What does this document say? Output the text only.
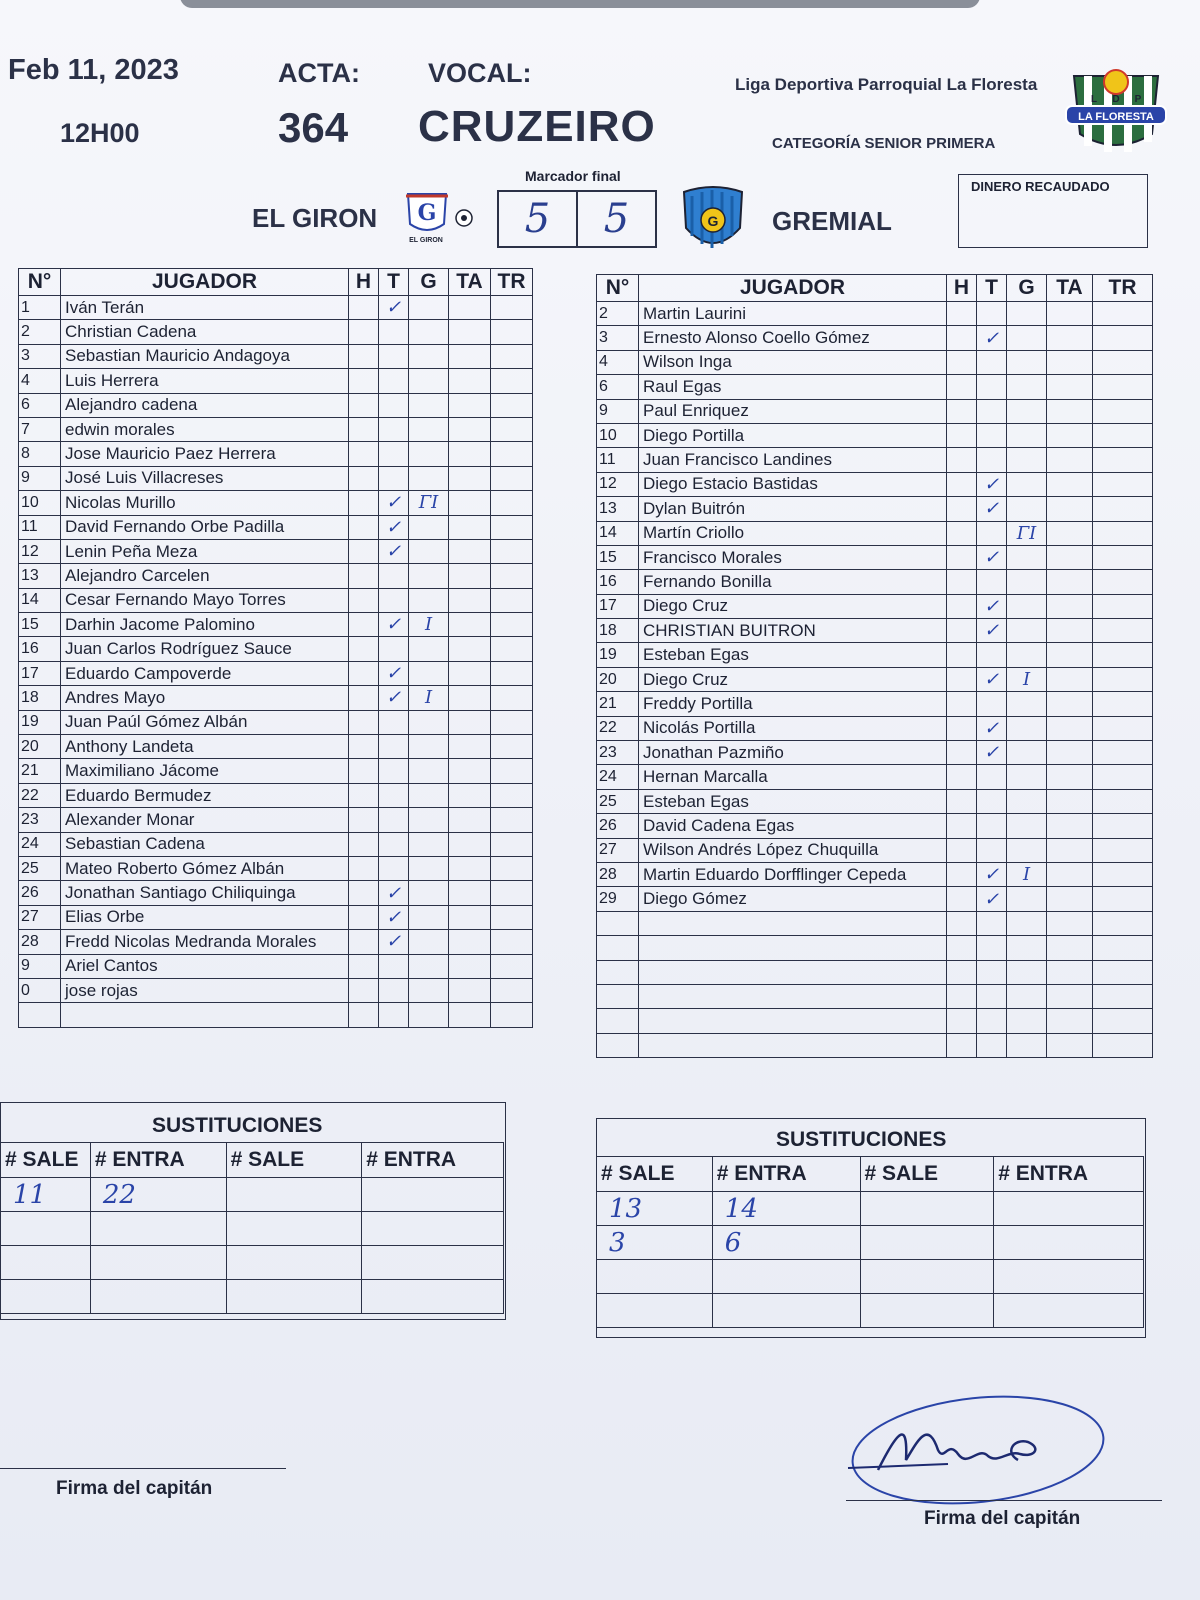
Feb 11, 2023
12H00
ACTA:
364
VOCAL:
CRUZEIRO
Liga Deportiva Parroquial La Floresta
CATEGORÍA SENIOR PRIMERA
LA FLORESTA
L D P
Marcador final
5	5
EL GIRON	GREMIAL
G
EL GIRON
G
DINERO RECAUDADO
N°	JUGADOR	H	T	G	TA	TR
1	Iván Terán		✓			
2	Christian Cadena					
3	Sebastian Mauricio Andagoya					
4	Luis Herrera					
6	Alejandro cadena					
7	edwin morales					
8	Jose Mauricio Paez Herrera					
9	José Luis Villacreses					
10	Nicolas Murillo		✓	ΓΙ		
11	David Fernando Orbe Padilla		✓			
12	Lenin Peña Meza		✓			
13	Alejandro Carcelen					
14	Cesar Fernando Mayo Torres					
15	Darhin Jacome Palomino		✓	I		
16	Juan Carlos Rodríguez Sauce					
17	Eduardo Campoverde		✓			
18	Andres Mayo		✓	I		
19	Juan Paúl Gómez Albán					
20	Anthony Landeta					
21	Maximiliano Jácome					
22	Eduardo Bermudez					
23	Alexander Monar					
24	Sebastian Cadena					
25	Mateo Roberto Gómez Albán					
26	Jonathan Santiago Chiliquinga		✓			
27	Elias Orbe		✓			
28	Fredd Nicolas Medranda Morales		✓			
9	Ariel Cantos					
0	jose rojas					

N°	JUGADOR	H	T	G	TA	TR
2	Martin Laurini					
3	Ernesto Alonso Coello Gómez		✓			
4	Wilson Inga					
6	Raul Egas					
9	Paul Enriquez					
10	Diego Portilla					
11	Juan Francisco Landines					
12	Diego Estacio Bastidas		✓			
13	Dylan Buitrón		✓			
14	Martín Criollo			ΓΙ		
15	Francisco Morales		✓			
16	Fernando Bonilla					
17	Diego Cruz		✓			
18	CHRISTIAN BUITRON		✓			
19	Esteban Egas					
20	Diego Cruz		✓	I		
21	Freddy Portilla					
22	Nicolás Portilla		✓			
23	Jonathan Pazmiño		✓			
24	Hernan Marcalla					
25	Esteban Egas					
26	David Cadena Egas					
27	Wilson Andrés López Chuquilla					
28	Martin Eduardo Dorfflinger Cepeda		✓	I		
29	Diego Gómez		✓			

SUSTITUCIONES
SUSTITUCIONES
# SALE	# ENTRA	# SALE	# ENTRA
11	22		

# SALE	# ENTRA	# SALE	# ENTRA
13	14		
3	6		

Firma del capitán
Firma del capitán
